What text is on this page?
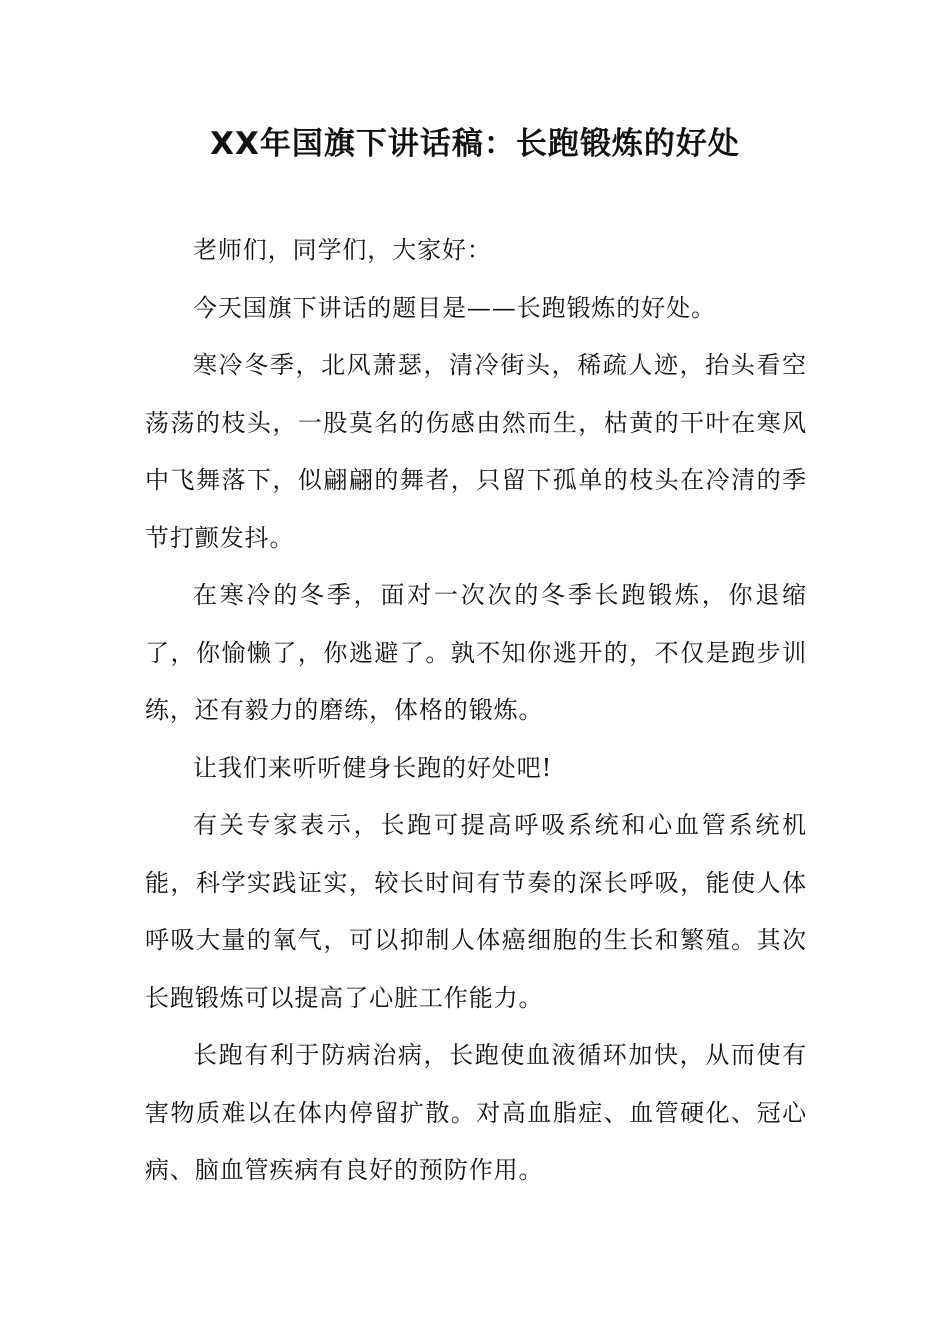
XX年国旗下讲话稿：长跑锻炼的好处

老师们，同学们，大家好：

今天国旗下讲话的题目是——长跑锻炼的好处。

寒冷冬季，北风萧瑟，清冷街头，稀疏人迹，抬头看空荡荡的枝头，一股莫名的伤感由然而生，枯黄的干叶在寒风中飞舞落下，似翩翩的舞者，只留下孤单的枝头在冷清的季节打颤发抖。

在寒冷的冬季，面对一次次的冬季长跑锻炼，你退缩了，你愉懒了，你逃避了。孰不知你逃开的，不仅是跑步训练，还有毅力的磨练，体格的锻炼。

让我们来听听健身长跑的好处吧!

有关专家表示，长跑可提高呼吸系统和心血管系统机能，科学实践证实，较长时间有节奏的深长呼吸，能使人体呼吸大量的氧气，可以抑制人体癌细胞的生长和繁殖。其次长跑锻炼可以提高了心脏工作能力。

长跑有利于防病治病，长跑使血液循环加快，从而使有害物质难以在体内停留扩散。对高血脂症、血管硬化、冠心病、脑血管疾病有良好的预防作用。
